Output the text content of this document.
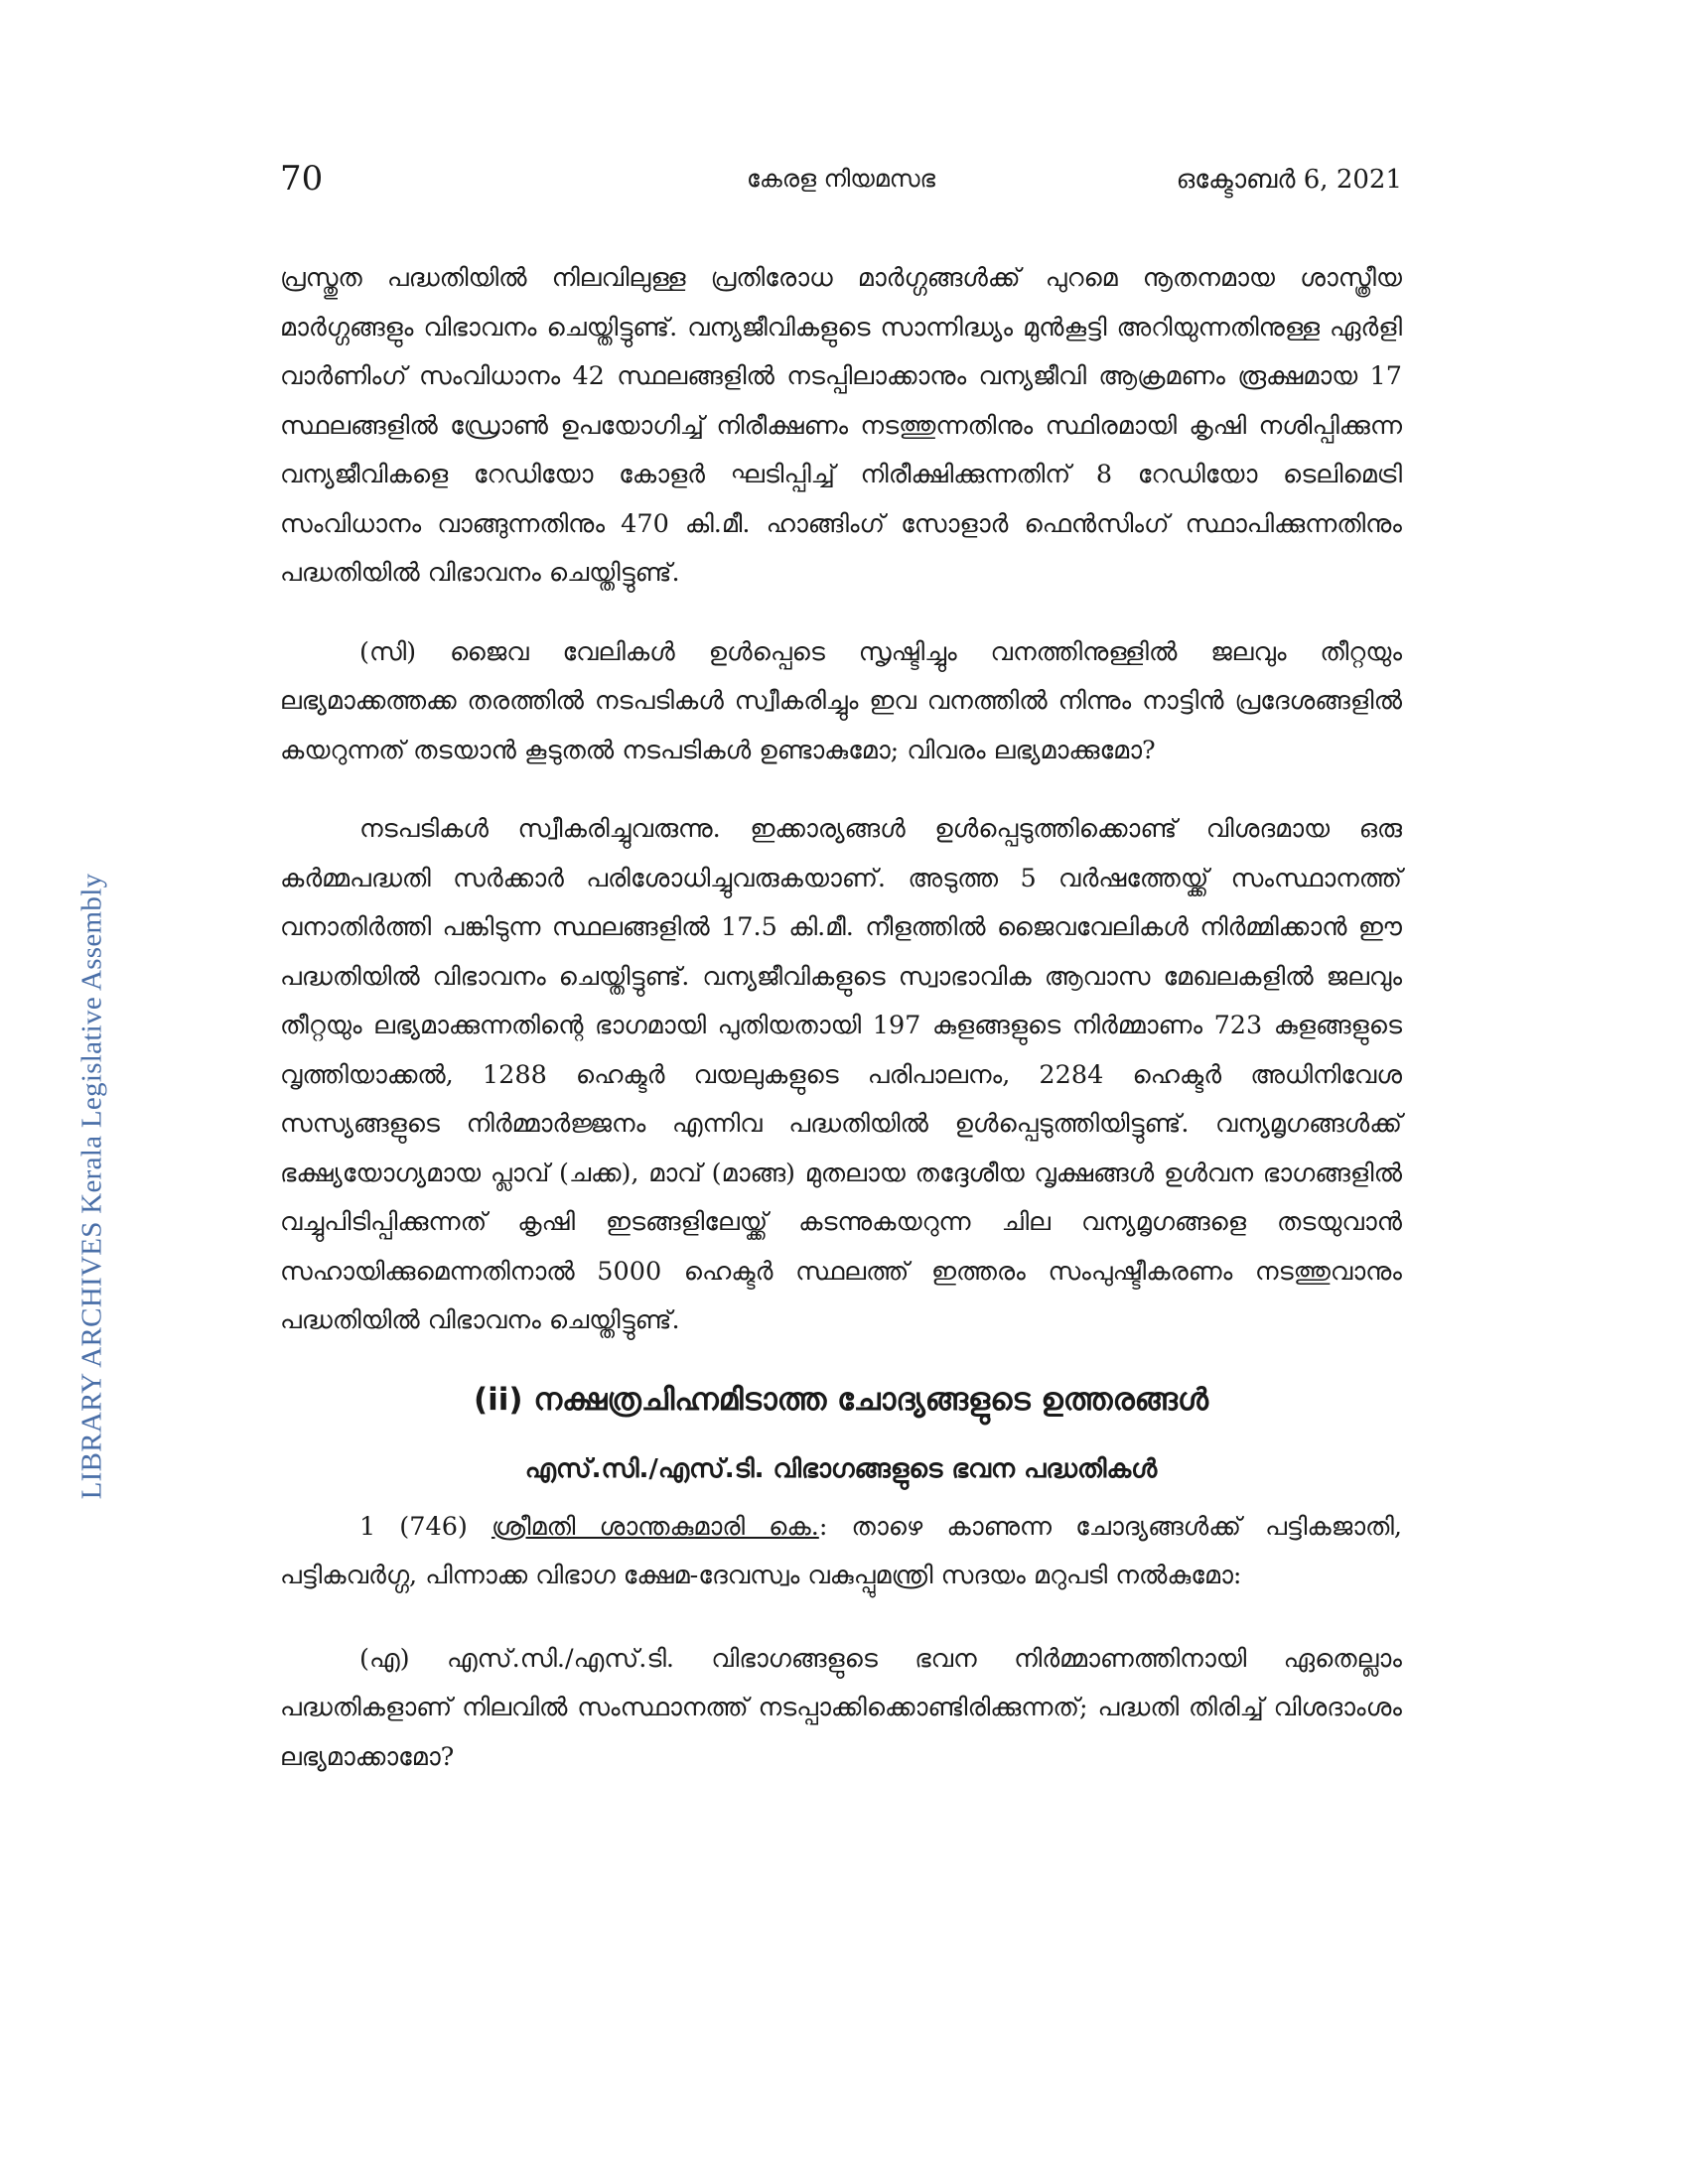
LIBRARY ARCHIVES Kerala Legislative Assembly
70	കേരള നിയമസഭ	ഒക്ടോബർ 6, 2021

പ്രസ്തുത പദ്ധതിയിൽ നിലവിലുള്ള പ്രതിരോധ മാർഗ്ഗങ്ങൾക്ക് പുറമെ നൂതനമായ ശാസ്ത്രീയ മാർഗ്ഗങ്ങളും വിഭാവനം ചെയ്തിട്ടുണ്ട്. വന്യജീവികളുടെ സാന്നിദ്ധ്യം മുൻകൂട്ടി അറിയുന്നതിനുള്ള ഏർളി വാർണിംഗ് സംവിധാനം 42 സ്ഥലങ്ങളിൽ നടപ്പിലാക്കാനും വന്യജീവി ആക്രമണം രൂക്ഷമായ 17 സ്ഥലങ്ങളിൽ ഡ്രോൺ ഉപയോഗിച്ച് നിരീക്ഷണം നടത്തുന്നതിനും സ്ഥിരമായി കൃഷി നശിപ്പിക്കുന്ന വന്യജീവികളെ റേഡിയോ കോളർ ഘടിപ്പിച്ച് നിരീക്ഷിക്കുന്നതിന് 8 റേഡിയോ ടെലിമെട്രി സംവിധാനം വാങ്ങുന്നതിനും 470 കി.മീ. ഹാങ്ങിംഗ് സോളാർ ഫെൻസിംഗ് സ്ഥാപിക്കുന്നതിനും പദ്ധതിയിൽ വിഭാവനം ചെയ്തിട്ടുണ്ട്.

(സി) ജൈവ വേലികൾ ഉൾപ്പെടെ സൃഷ്ടിച്ചും വനത്തിനുള്ളിൽ ജലവും തീറ്റയും ലഭ്യമാക്കത്തക്ക തരത്തിൽ നടപടികൾ സ്വീകരിച്ചും ഇവ വനത്തിൽ നിന്നും നാട്ടിൻ പ്രദേശങ്ങളിൽ കയറുന്നത് തടയാൻ കൂടുതൽ നടപടികൾ ഉണ്ടാകുമോ; വിവരം ലഭ്യമാക്കുമോ?

നടപടികൾ സ്വീകരിച്ചുവരുന്നു. ഇക്കാര്യങ്ങൾ ഉൾപ്പെടുത്തിക്കൊണ്ട് വിശദമായ ഒരു കർമ്മപദ്ധതി സർക്കാർ പരിശോധിച്ചുവരുകയാണ്. അടുത്ത 5 വർഷത്തേയ്ക്ക് സംസ്ഥാനത്ത് വനാതിർത്തി പങ്കിടുന്ന സ്ഥലങ്ങളിൽ 17.5 കി.മീ. നീളത്തിൽ ജൈവവേലികൾ നിർമ്മിക്കാൻ ഈ പദ്ധതിയിൽ വിഭാവനം ചെയ്തിട്ടുണ്ട്. വന്യജീവികളുടെ സ്വാഭാവിക ആവാസ മേഖലകളിൽ ജലവും തീറ്റയും ലഭ്യമാക്കുന്നതിന്റെ ഭാഗമായി പുതിയതായി 197 കുളങ്ങളുടെ നിർമ്മാണം 723 കുളങ്ങളുടെ വൃത്തിയാക്കൽ, 1288 ഹെക്ടർ വയലുകളുടെ പരിപാലനം, 2284 ഹെക്ടർ അധിനിവേശ സസ്യങ്ങളുടെ നിർമ്മാർജ്ജനം എന്നിവ പദ്ധതിയിൽ ഉൾപ്പെടുത്തിയിട്ടുണ്ട്. വന്യമൃഗങ്ങൾക്ക് ഭക്ഷ്യയോഗ്യമായ പ്ലാവ് (ചക്ക), മാവ് (മാങ്ങ) മുതലായ തദ്ദേശീയ വൃക്ഷങ്ങൾ ഉൾവന ഭാഗങ്ങളിൽ വച്ചുപിടിപ്പിക്കുന്നത് കൃഷി ഇടങ്ങളിലേയ്ക്ക് കടന്നുകയറുന്ന ചില വന്യമൃഗങ്ങളെ തടയുവാൻ സഹായിക്കുമെന്നതിനാൽ 5000 ഹെക്ടർ സ്ഥലത്ത് ഇത്തരം സംപുഷ്ടീകരണം നടത്തുവാനും പദ്ധതിയിൽ വിഭാവനം ചെയ്തിട്ടുണ്ട്.

(ii) നക്ഷത്രചിഹ്നമിടാത്ത ചോദ്യങ്ങളുടെ ഉത്തരങ്ങൾ
എസ്.സി./എസ്.ടി. വിഭാഗങ്ങളുടെ ഭവന പദ്ധതികൾ

1 (746) ശ്രീമതി ശാന്തകുമാരി കെ.: താഴെ കാണുന്ന ചോദ്യങ്ങൾക്ക് പട്ടികജാതി, പട്ടികവർഗ്ഗ, പിന്നാക്ക വിഭാഗ ക്ഷേമ-ദേവസ്വം വകുപ്പുമന്ത്രി സദയം മറുപടി നൽകുമോ:

(എ) എസ്.സി./എസ്.ടി. വിഭാഗങ്ങളുടെ ഭവന നിർമ്മാണത്തിനായി ഏതെല്ലാം പദ്ധതികളാണ് നിലവിൽ സംസ്ഥാനത്ത് നടപ്പാക്കിക്കൊണ്ടിരിക്കുന്നത്; പദ്ധതി തിരിച്ച് വിശദാംശം ലഭ്യമാക്കാമോ?
